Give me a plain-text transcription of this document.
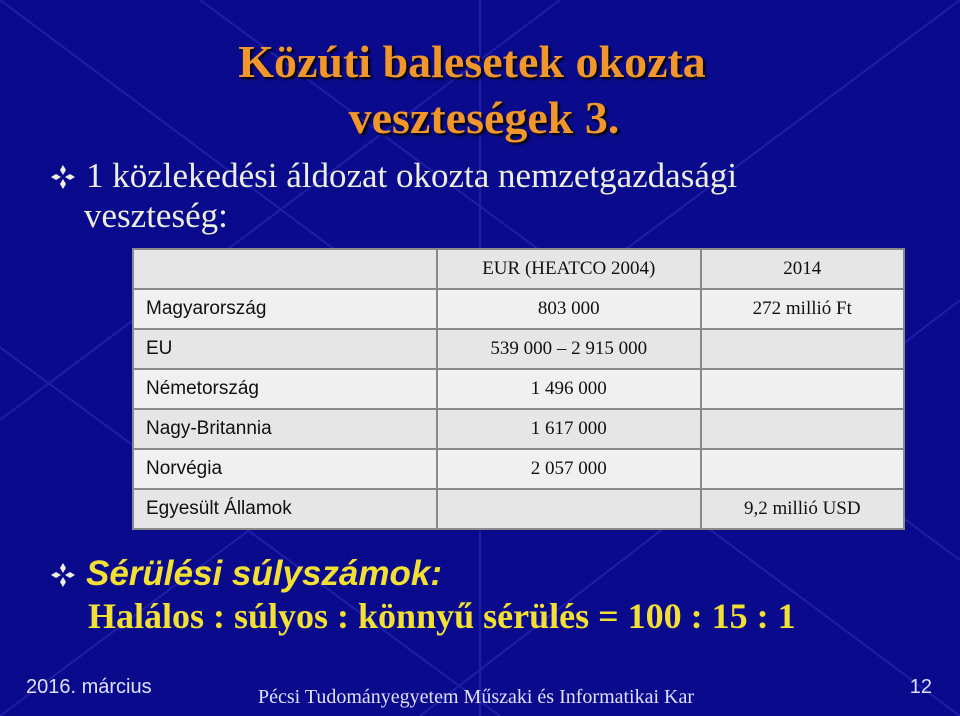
Közúti balesetek okozta
veszteségek 3.
1 közlekedési áldozat okozta nemzetgazdasági
veszteség:
	EUR (HEATCO 2004)	2014
Magyarország	803 000	272 millió Ft
EU	539 000 – 2 915 000	
Németország	1 496 000	
Nagy-Britannia	1 617 000	
Norvégia	2 057 000	
Egyesült Államok		9,2 millió USD
Sérülési súlyszámok:
Halálos : súlyos : könnyű sérülés = 100 : 15 : 1
2016. március	Pécsi Tudományegyetem Műszaki és Informatikai Kar	12
